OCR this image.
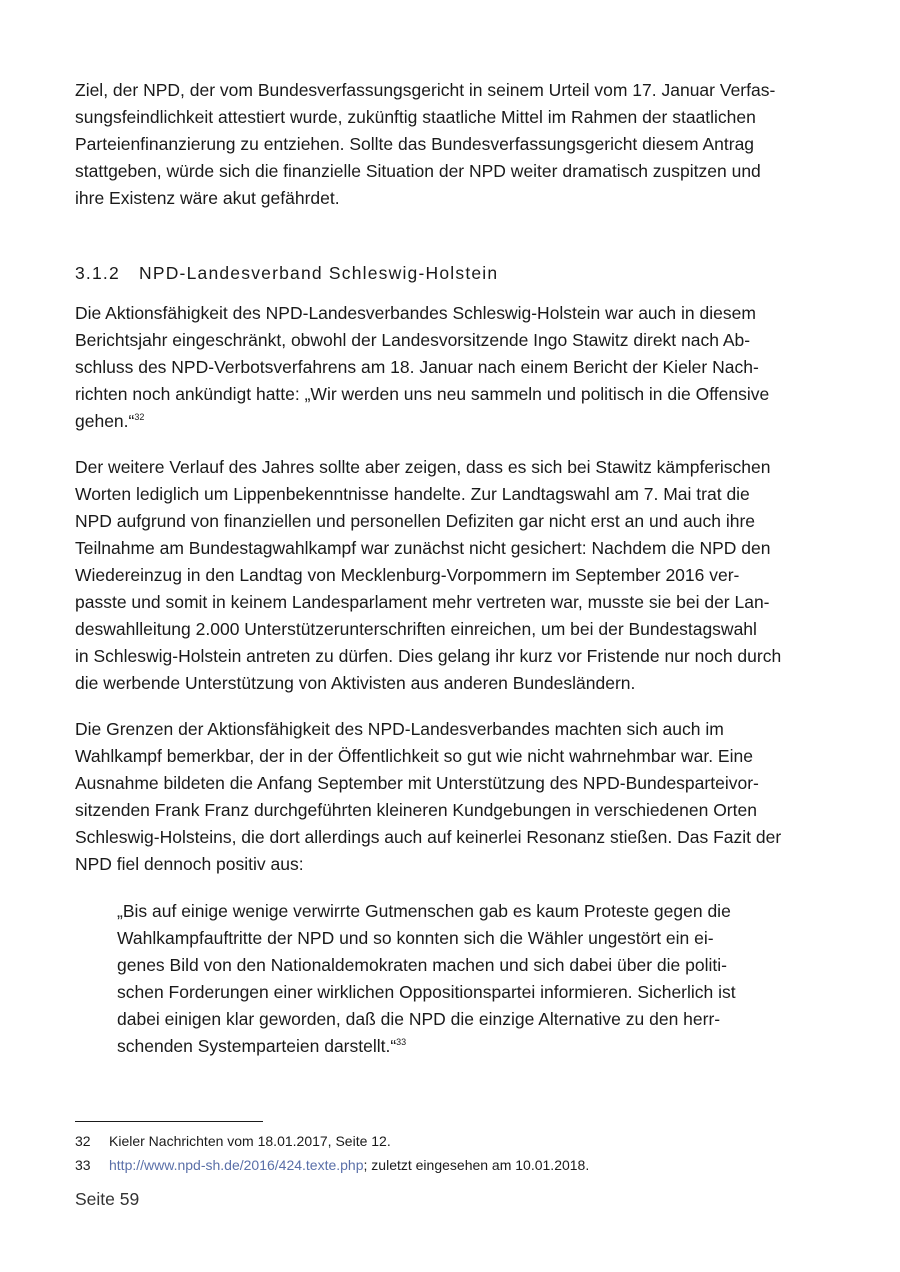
Ziel, der NPD, der vom Bundesverfassungsgericht in seinem Urteil vom 17. Januar Verfas-
sungsfeindlichkeit attestiert wurde, zukünftig staatliche Mittel im Rahmen der staatlichen
Parteienfinanzierung zu entziehen. Sollte das Bundesverfassungsgericht diesem Antrag
stattgeben, würde sich die finanzielle Situation der NPD weiter dramatisch zuspitzen und
ihre Existenz wäre akut gefährdet.

3.1.2 NPD-Landesverband Schleswig-Holstein

Die Aktionsfähigkeit des NPD-Landesverbandes Schleswig-Holstein war auch in diesem
Berichtsjahr eingeschränkt, obwohl der Landesvorsitzende Ingo Stawitz direkt nach Ab-
schluss des NPD-Verbotsverfahrens am 18. Januar nach einem Bericht der Kieler Nach-
richten noch ankündigt hatte: „Wir werden uns neu sammeln und politisch in die Offensive
gehen.“$^{32}$

Der weitere Verlauf des Jahres sollte aber zeigen, dass es sich bei Stawitz kämpferischen
Worten lediglich um Lippenbekenntnisse handelte. Zur Landtagswahl am 7. Mai trat die
NPD aufgrund von finanziellen und personellen Defiziten gar nicht erst an und auch ihre
Teilnahme am Bundestagwahlkampf war zunächst nicht gesichert: Nachdem die NPD den
Wiedereinzug in den Landtag von Mecklenburg-Vorpommern im September 2016 ver-
passte und somit in keinem Landesparlament mehr vertreten war, musste sie bei der Lan-
deswahlleitung 2.000 Unterstützerunterschriften einreichen, um bei der Bundestagswahl
in Schleswig-Holstein antreten zu dürfen. Dies gelang ihr kurz vor Fristende nur noch durch
die werbende Unterstützung von Aktivisten aus anderen Bundesländern.

Die Grenzen der Aktionsfähigkeit des NPD-Landesverbandes machten sich auch im
Wahlkampf bemerkbar, der in der Öffentlichkeit so gut wie nicht wahrnehmbar war. Eine
Ausnahme bildeten die Anfang September mit Unterstützung des NPD-Bundesparteivor-
sitzenden Frank Franz durchgeführten kleineren Kundgebungen in verschiedenen Orten
Schleswig-Holsteins, die dort allerdings auch auf keinerlei Resonanz stießen. Das Fazit der
NPD fiel dennoch positiv aus:

„Bis auf einige wenige verwirrte Gutmenschen gab es kaum Proteste gegen die
Wahlkampfauftritte der NPD und so konnten sich die Wähler ungestört ein ei-
genes Bild von den Nationaldemokraten machen und sich dabei über die politi-
schen Forderungen einer wirklichen Oppositionspartei informieren. Sicherlich ist
dabei einigen klar geworden, daß die NPD die einzige Alternative zu den herr-
schenden Systemparteien darstellt.“$^{33}$
32 Kieler Nachrichten vom 18.01.2017, Seite 12.
33 http://www.npd-sh.de/2016/424.texte.php; zuletzt eingesehen am 10.01.2018.
Seite 59
